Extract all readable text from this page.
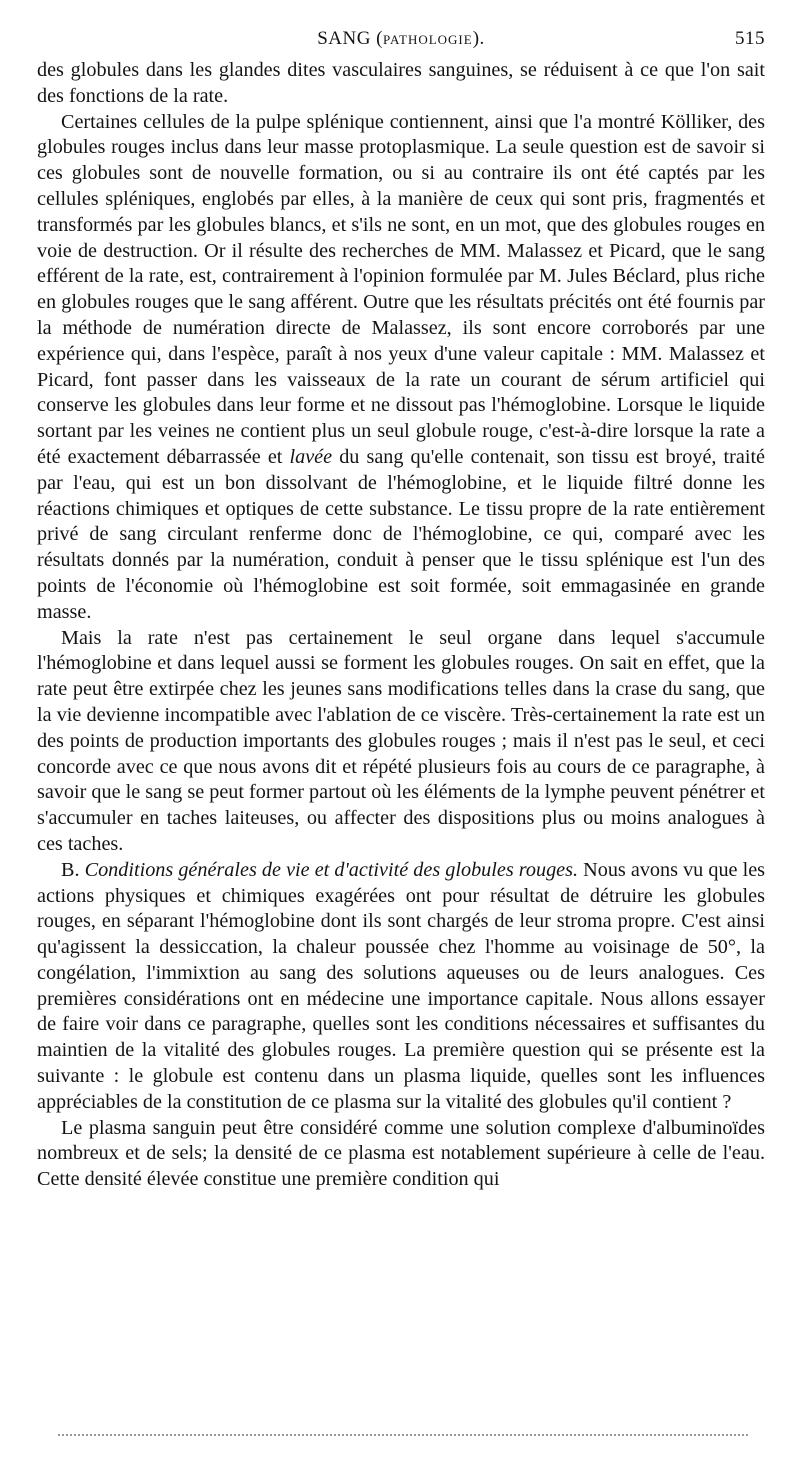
SANG (PATHOLOGIE).	515

des globules dans les glandes dites vasculaires sanguines, se réduisent à ce que l'on sait des fonctions de la rate.

Certaines cellules de la pulpe splénique contiennent, ainsi que l'a montré Kölliker, des globules rouges inclus dans leur masse protoplasmique. La seule question est de savoir si ces globules sont de nouvelle formation, ou si au contraire ils ont été captés par les cellules spléniques, englobés par elles, à la manière de ceux qui sont pris, fragmentés et transformés par les globules blancs, et s'ils ne sont, en un mot, que des globules rouges en voie de destruction. Or il résulte des recherches de MM. Malassez et Picard, que le sang efférent de la rate, est, contrairement à l'opinion formulée par M. Jules Béclard, plus riche en globules rouges que le sang afférent. Outre que les résultats précités ont été fournis par la méthode de numération directe de Malassez, ils sont encore corroborés par une expérience qui, dans l'espèce, paraît à nos yeux d'une valeur capitale : MM. Malassez et Picard, font passer dans les vaisseaux de la rate un courant de sérum artificiel qui conserve les globules dans leur forme et ne dissout pas l'hémoglobine. Lorsque le liquide sortant par les veines ne contient plus un seul globule rouge, c'est-à-dire lorsque la rate a été exactement débarrassée et lavée du sang qu'elle contenait, son tissu est broyé, traité par l'eau, qui est un bon dissolvant de l'hémoglobine, et le liquide filtré donne les réactions chimiques et optiques de cette substance. Le tissu propre de la rate entièrement privé de sang circulant renferme donc de l'hémoglobine, ce qui, comparé avec les résultats donnés par la numération, conduit à penser que le tissu splénique est l'un des points de l'économie où l'hémoglobine est soit formée, soit emmagasinée en grande masse.

Mais la rate n'est pas certainement le seul organe dans lequel s'accumule l'hémoglobine et dans lequel aussi se forment les globules rouges. On sait en effet, que la rate peut être extirpée chez les jeunes sans modifications telles dans la crase du sang, que la vie devienne incompatible avec l'ablation de ce viscère. Très-certainement la rate est un des points de production importants des globules rouges ; mais il n'est pas le seul, et ceci concorde avec ce que nous avons dit et répété plusieurs fois au cours de ce paragraphe, à savoir que le sang se peut former partout où les éléments de la lymphe peuvent pénétrer et s'accumuler en taches laiteuses, ou affecter des dispositions plus ou moins analogues à ces taches.

B. Conditions générales de vie et d'activité des globules rouges. Nous avons vu que les actions physiques et chimiques exagérées ont pour résultat de détruire les globules rouges, en séparant l'hémoglobine dont ils sont chargés de leur stroma propre. C'est ainsi qu'agissent la dessiccation, la chaleur poussée chez l'homme au voisinage de 50°, la congélation, l'immixtion au sang des solutions aqueuses ou de leurs analogues. Ces premières considérations ont en médecine une importance capitale. Nous allons essayer de faire voir dans ce paragraphe, quelles sont les conditions nécessaires et suffisantes du maintien de la vitalité des globules rouges. La première question qui se présente est la suivante : le globule est contenu dans un plasma liquide, quelles sont les influences appréciables de la constitution de ce plasma sur la vitalité des globules qu'il contient ?

Le plasma sanguin peut être considéré comme une solution complexe d'albuminoïdes nombreux et de sels; la densité de ce plasma est notablement supérieure à celle de l'eau. Cette densité élevée constitue une première condition qui
